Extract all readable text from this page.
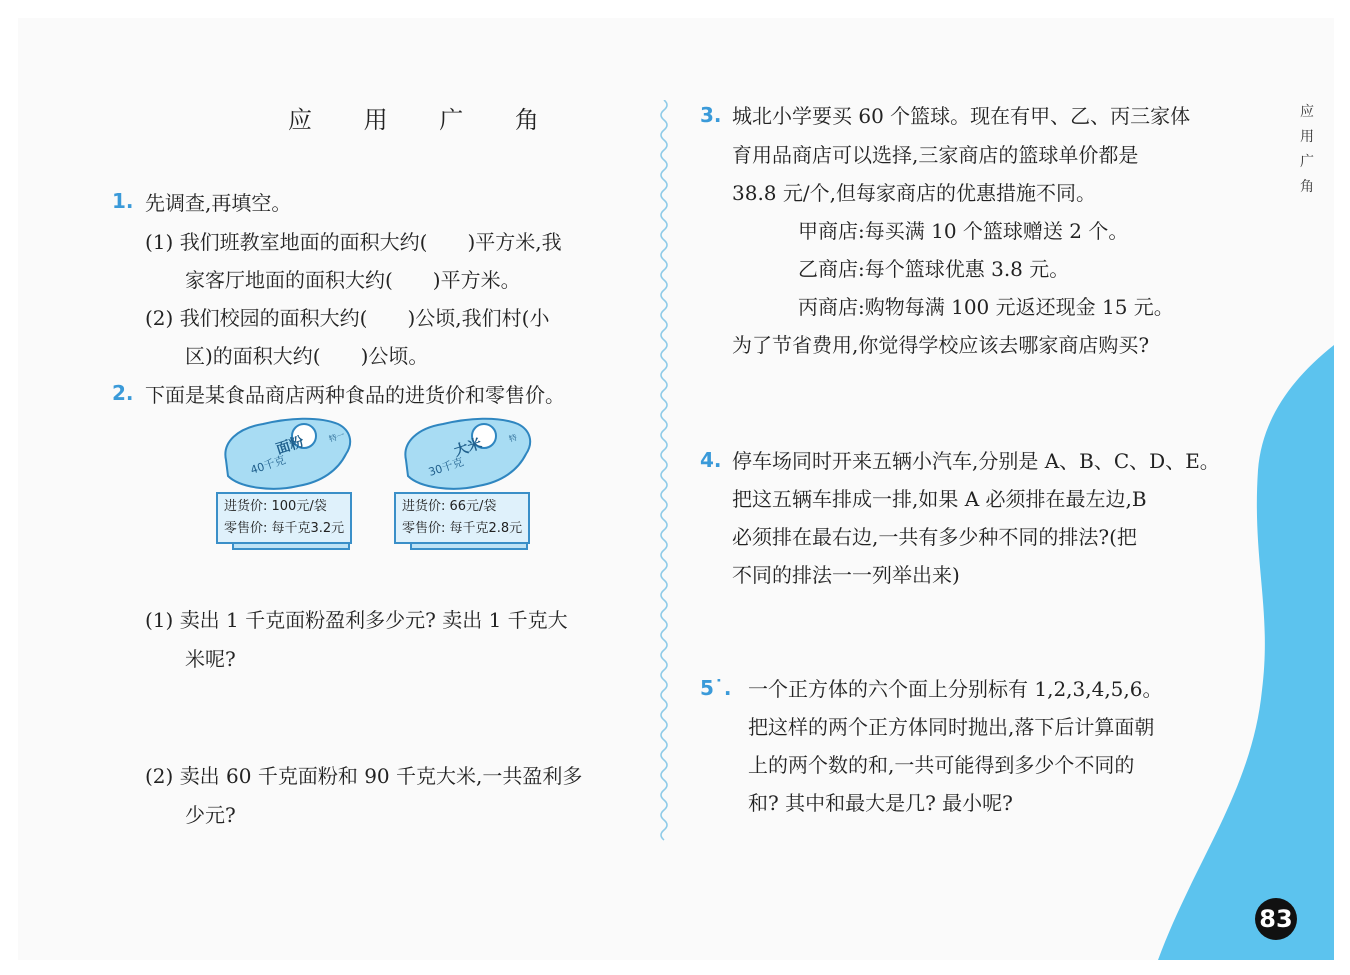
应 用 广 角	应
用
广
角
1. 先调查,再填空。
(1) 我们班教室地面的面积大约(　　)平方米,我
家客厅地面的面积大约(　　)平方米。
(2) 我们校园的面积大约(　　)公顷,我们村(小
区)的面积大约(　　)公顷。
2. 下面是某食品商店两种食品的进货价和零售价。
面粉	特一
40千克
进货价: 100元/袋
零售价: 每千克3.2元
大米	特
30千克
进货价: 66元/袋
零售价: 每千克2.8元
(1) 卖出 1 千克面粉盈利多少元? 卖出 1 千克大
米呢?
(2) 卖出 60 千克面粉和 90 千克大米,一共盈利多
少元?
3. 城北小学要买 60 个篮球。现在有甲、乙、丙三家体
育用品商店可以选择,三家商店的篮球单价都是
38.8 元/个,但每家商店的优惠措施不同。
甲商店:每买满 10 个篮球赠送 2 个。
乙商店:每个篮球优惠 3.8 元。
丙商店:购物每满 100 元返还现金 15 元。
为了节省费用,你觉得学校应该去哪家商店购买?
4. 停车场同时开来五辆小汽车,分别是 A、B、C、D、E。
把这五辆车排成一排,如果 A 必须排在最左边,B
必须排在最右边,一共有多少种不同的排法?(把
不同的排法一一列举出来)
5˙. 一个正方体的六个面上分别标有 1,2,3,4,5,6。
把这样的两个正方体同时抛出,落下后计算面朝
上的两个数的和,一共可能得到多少个不同的
和? 其中和最大是几? 最小呢?
83
